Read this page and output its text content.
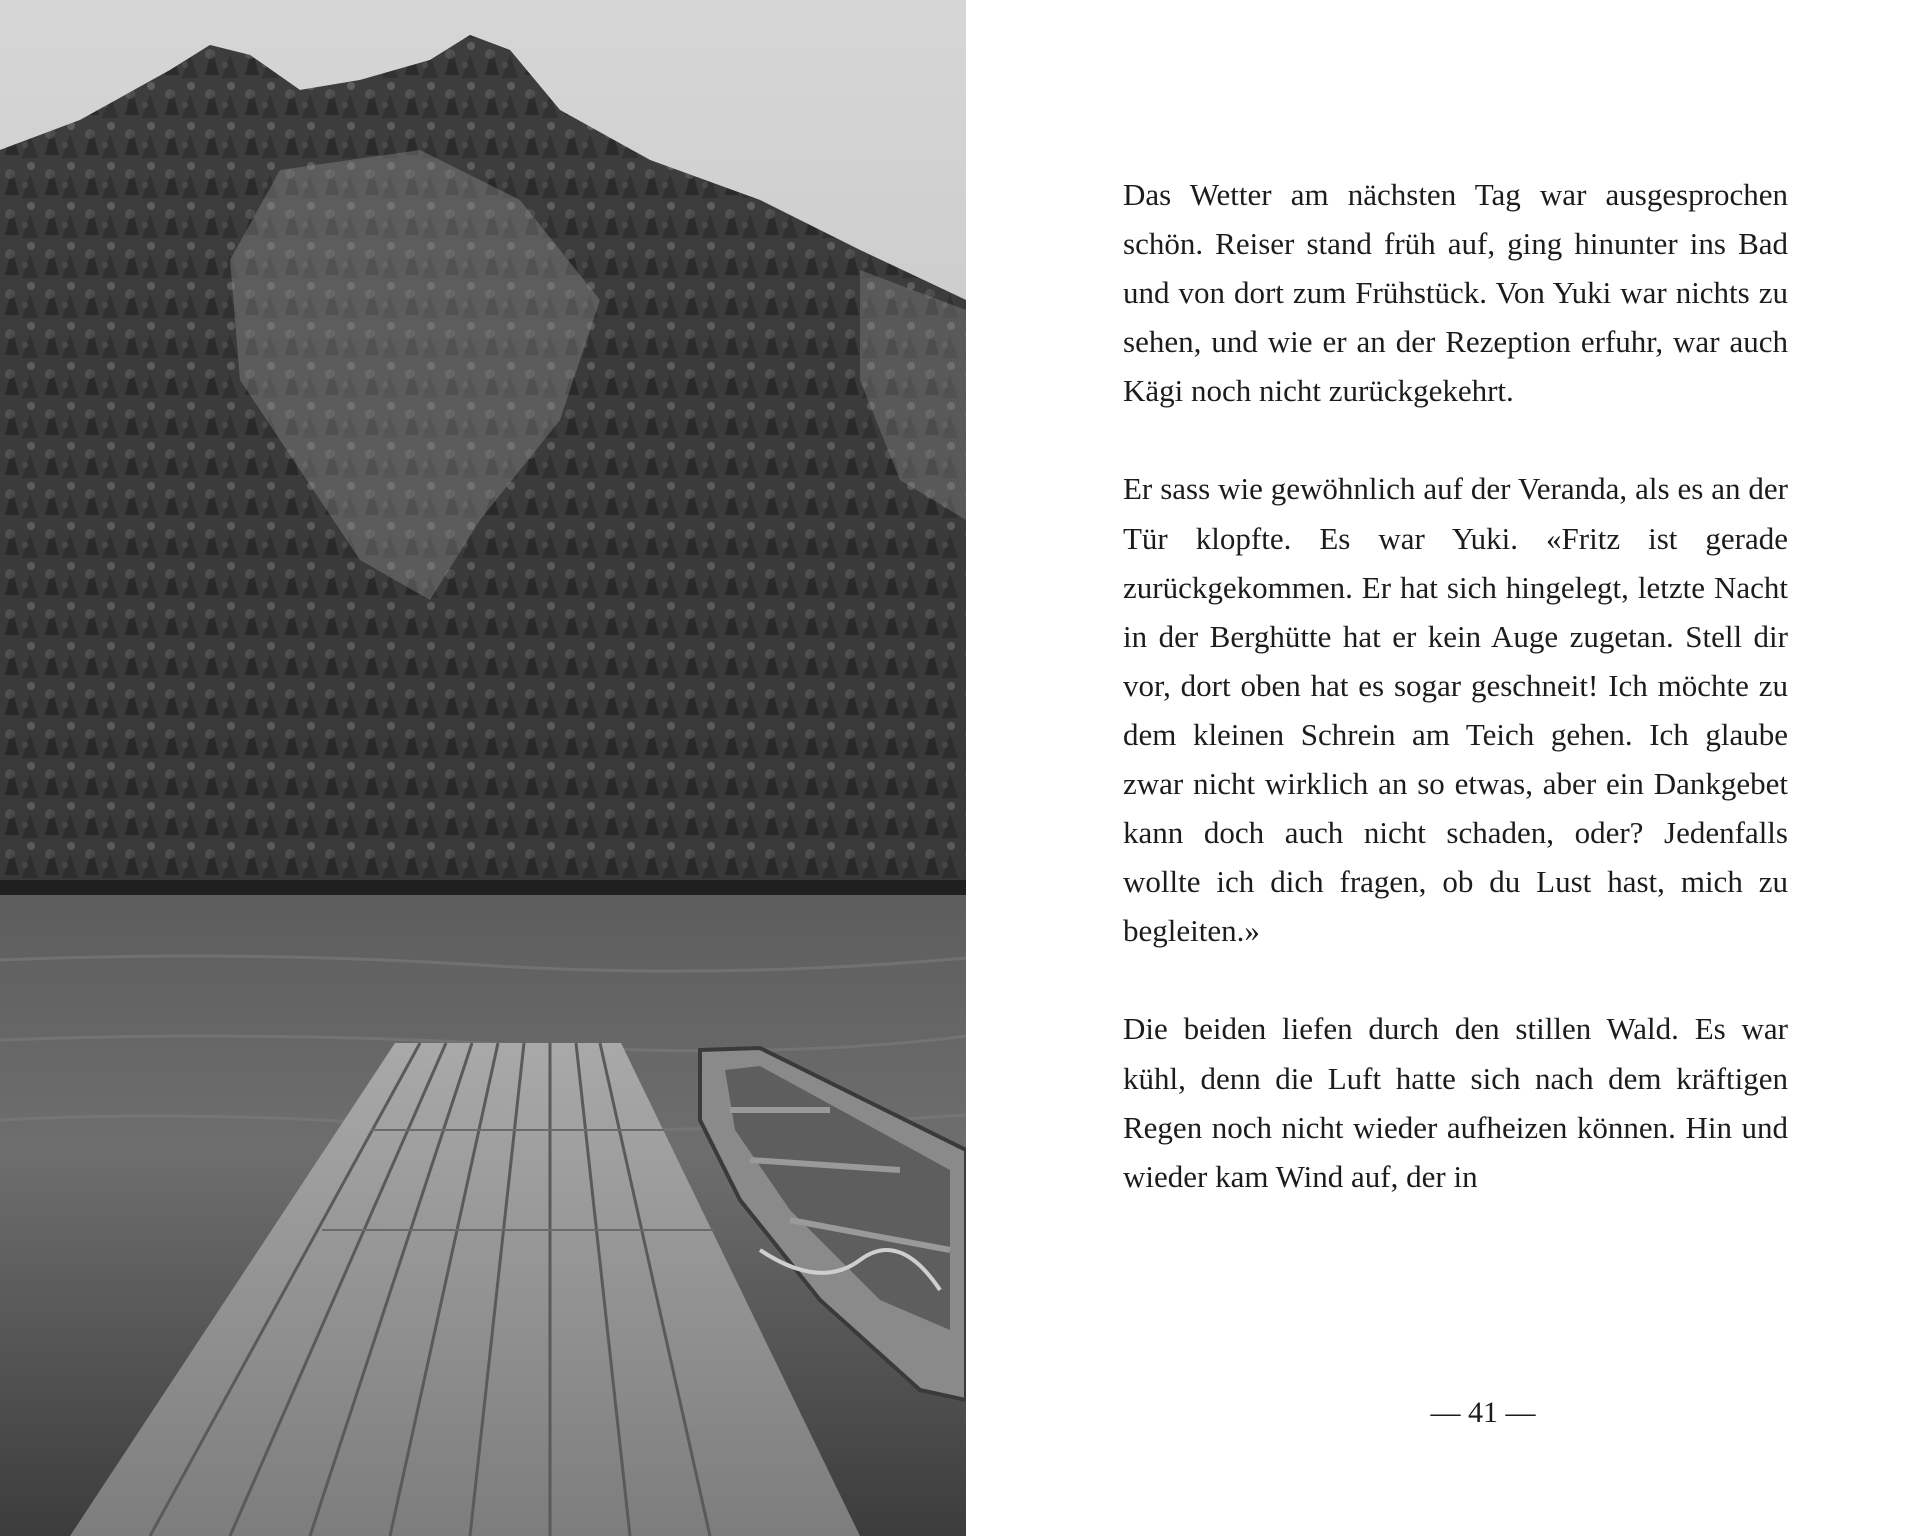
Das Wetter am nächsten Tag war ausgesprochen schön. Reiser stand früh auf, ging hinunter ins Bad und von dort zum Frühstück. Von Yuki war nichts zu sehen, und wie er an der Rezeption erfuhr, war auch Kägi noch nicht zurückgekehrt.

Er sass wie gewöhnlich auf der Veranda, als es an der Tür klopfte. Es war Yuki. «Fritz ist gerade zurückgekommen. Er hat sich hingelegt, letzte Nacht in der Berghütte hat er kein Auge zugetan. Stell dir vor, dort oben hat es sogar geschneit! Ich möchte zu dem kleinen Schrein am Teich gehen. Ich glaube zwar nicht wirklich an so etwas, aber ein Dankgebet kann doch auch nicht schaden, oder? Jedenfalls wollte ich dich fragen, ob du Lust hast, mich zu begleiten.»

Die beiden liefen durch den stillen Wald. Es war kühl, denn die Luft hatte sich nach dem kräftigen Regen noch nicht wieder aufheizen können. Hin und wieder kam Wind auf, der in

— 41 —
